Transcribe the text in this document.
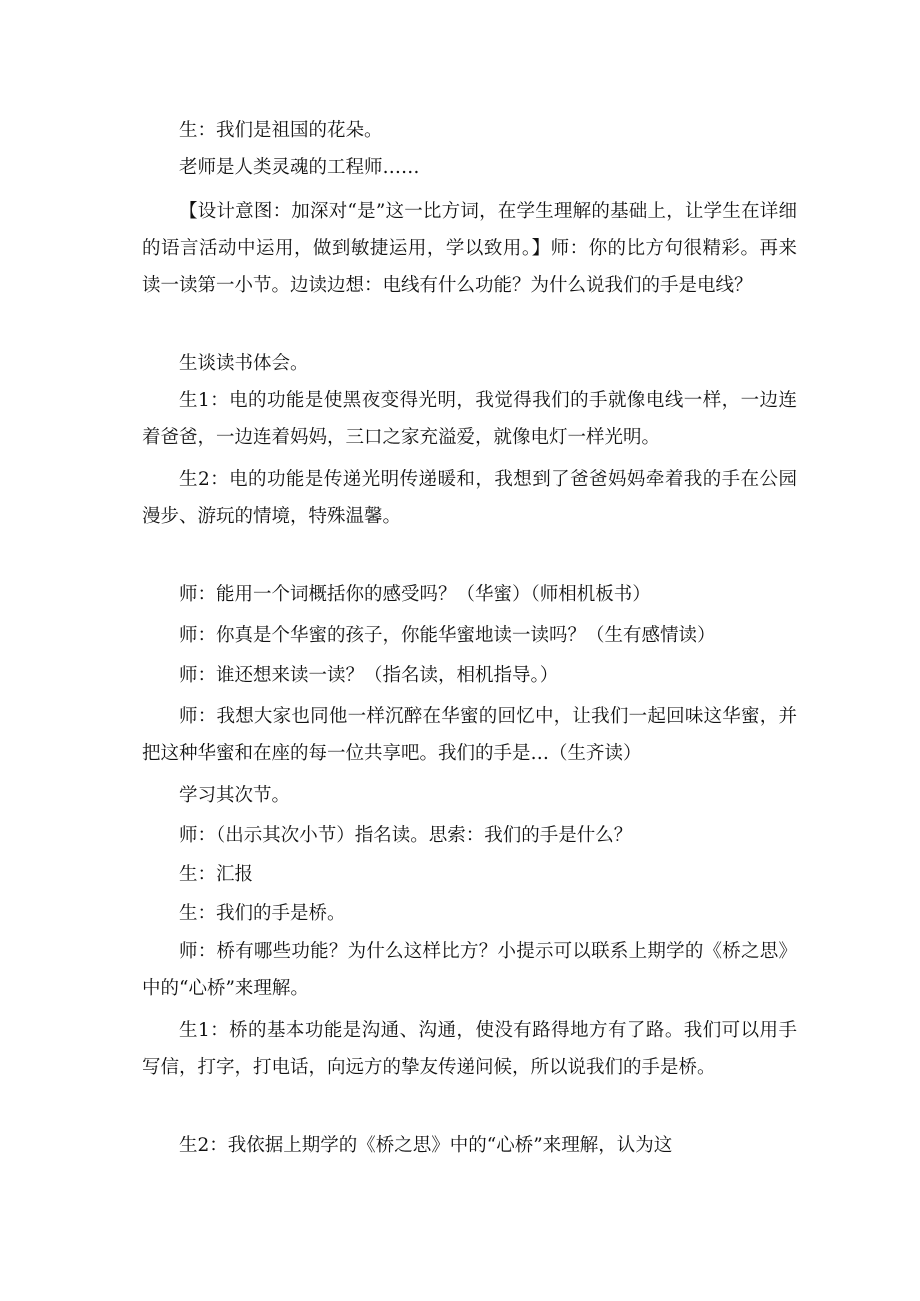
生：我们是祖国的花朵。

老师是人类灵魂的工程师……

【设计意图：加深对“是”这一比方词，在学生理解的基础上，让学生在详细的语言活动中运用，做到敏捷运用，学以致用。】师：你的比方句很精彩。再来读一读第一小节。边读边想：电线有什么功能？为什么说我们的手是电线？

生谈读书体会。

生1：电的功能是使黑夜变得光明，我觉得我们的手就像电线一样，一边连着爸爸，一边连着妈妈，三口之家充溢爱，就像电灯一样光明。

生2：电的功能是传递光明传递暖和，我想到了爸爸妈妈牵着我的手在公园漫步、游玩的情境，特殊温馨。

师：能用一个词概括你的感受吗？（华蜜）（师相机板书）

师：你真是个华蜜的孩子，你能华蜜地读一读吗？（生有感情读）

师：谁还想来读一读？（指名读，相机指导。）

师：我想大家也同他一样沉醉在华蜜的回忆中，让我们一起回味这华蜜，并把这种华蜜和在座的每一位共享吧。我们的手是…（生齐读）

学习其次节。

师：（出示其次小节）指名读。思索：我们的手是什么？

生：汇报

生：我们的手是桥。

师：桥有哪些功能？为什么这样比方？小提示可以联系上期学的《桥之思》中的“心桥”来理解。

生1：桥的基本功能是沟通、沟通，使没有路得地方有了路。我们可以用手写信，打字，打电话，向远方的挚友传递问候，所以说我们的手是桥。

生2：我依据上期学的《桥之思》中的“心桥”来理解，认为这
